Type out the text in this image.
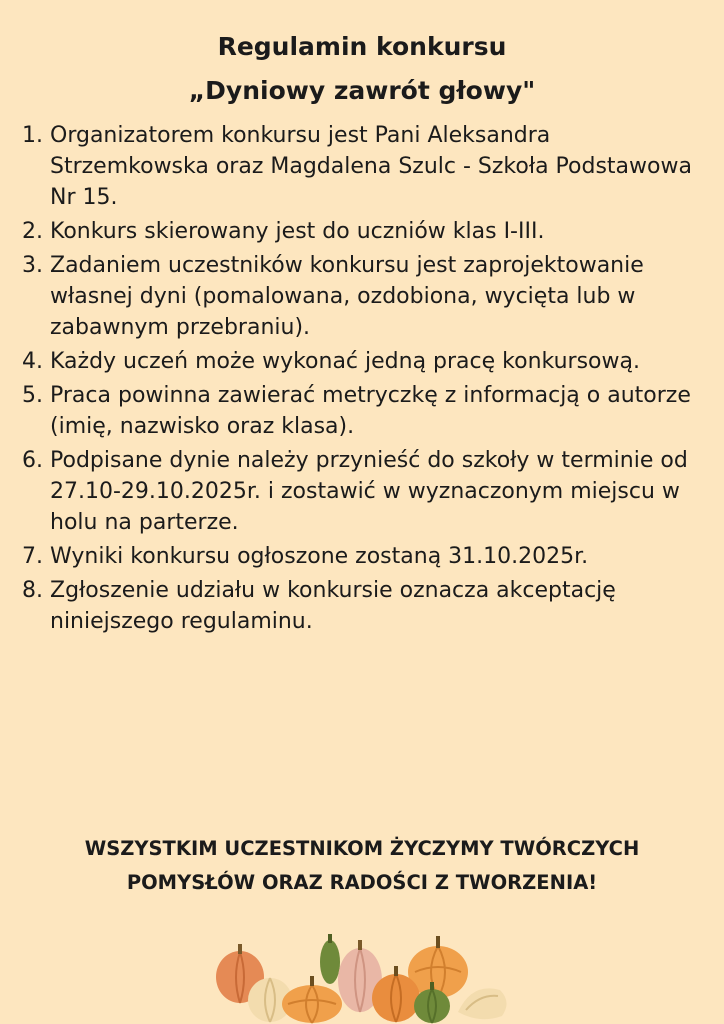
Regulamin konkursu
„Dyniowy zawrót głowy"
1. Organizatorem konkursu jest Pani Aleksandra Strzemkowska oraz Magdalena Szulc - Szkoła Podstawowa Nr 15.
2. Konkurs skierowany jest do uczniów klas I-III.
3. Zadaniem uczestników konkursu jest zaprojektowanie własnej dyni (pomalowana, ozdobiona, wycięta lub w zabawnym przebraniu).
4. Każdy uczeń może wykonać jedną pracę konkursową.
5. Praca powinna zawierać metryczkę z informacją o autorze (imię, nazwisko oraz klasa).
6. Podpisane dynie należy przynieść do szkoły w terminie od 27.10-29.10.2025r. i zostawić w wyznaczonym miejscu w holu na parterze.
7. Wyniki konkursu ogłoszone zostaną 31.10.2025r.
8. Zgłoszenie udziału w konkursie oznacza akceptację niniejszego regulaminu.
WSZYSTKIM UCZESTNIKOM ŻYCZYMY TWÓRCZYCH
POMYSŁÓW ORAZ RADOŚCI Z TWORZENIA!
